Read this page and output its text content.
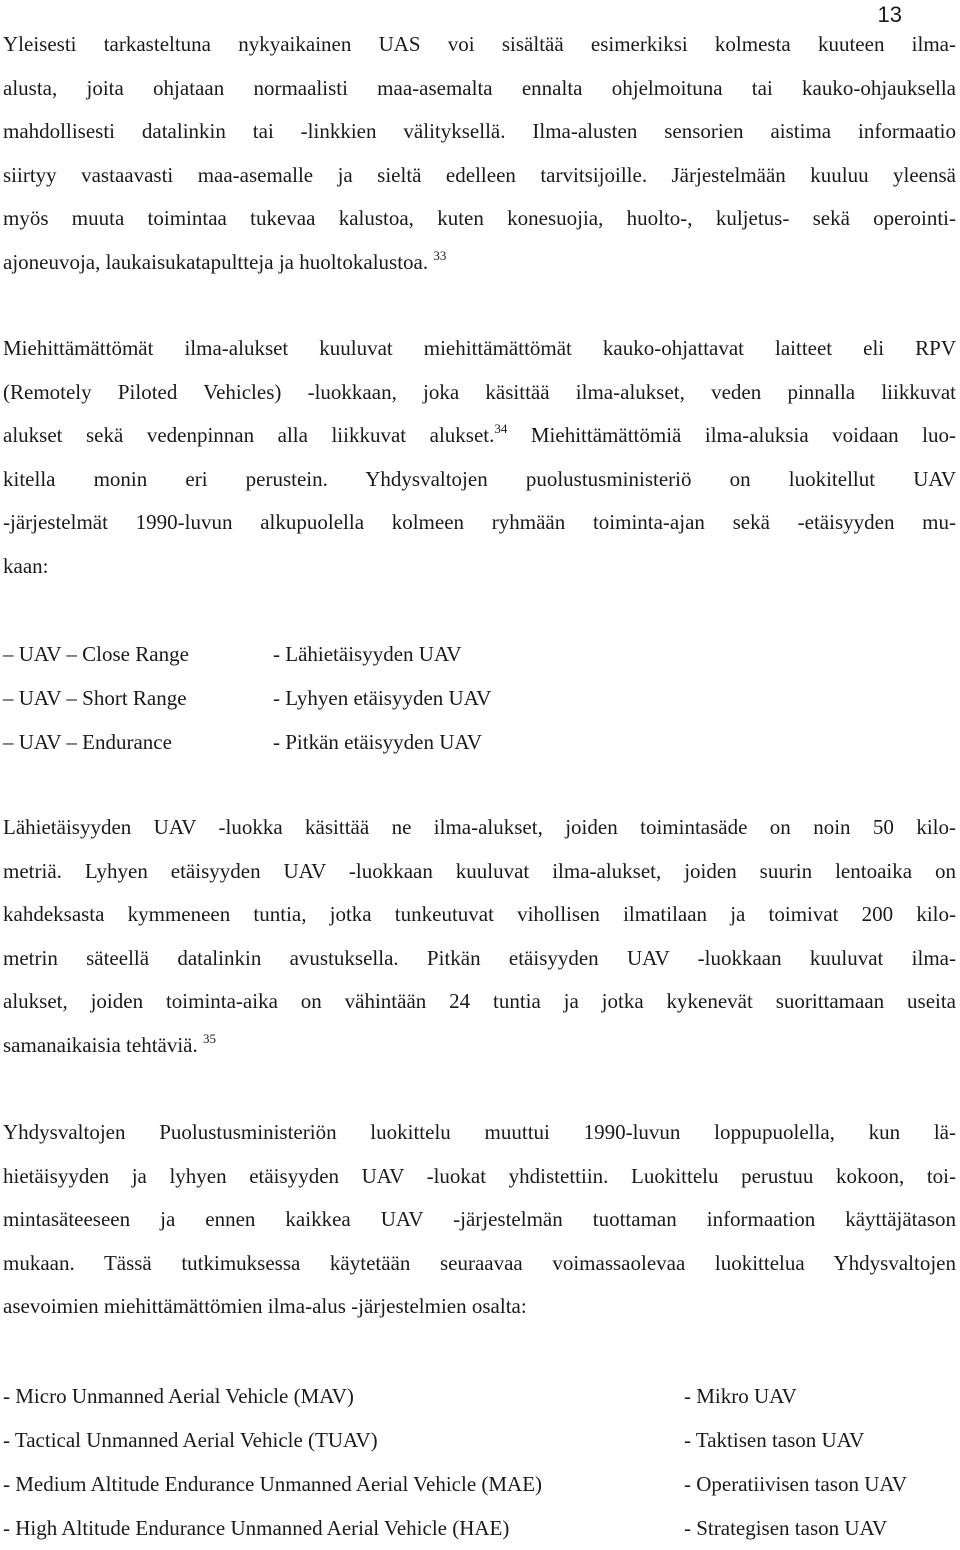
13

Yleisesti tarkasteltuna nykyaikainen UAS voi sisältää esimerkiksi kolmesta kuuteen ilma-
alusta, joita ohjataan normaalisti maa-asemalta ennalta ohjelmoituna tai kauko-ohjauksella
mahdollisesti datalinkin tai -linkkien välityksellä. Ilma-alusten sensorien aistima informaatio
siirtyy vastaavasti maa-asemalle ja sieltä edelleen tarvitsijoille. Järjestelmään kuuluu yleensä
myös muuta toimintaa tukevaa kalustoa, kuten konesuojia, huolto-, kuljetus- sekä operointi-
ajoneuvoja, laukaisukatapultteja ja huoltokalustoa. $^{33}$

Miehittämättömät ilma-alukset kuuluvat miehittämättömät kauko-ohjattavat laitteet eli RPV
(Remotely Piloted Vehicles) -luokkaan, joka käsittää ilma-alukset, veden pinnalla liikkuvat
alukset sekä vedenpinnan alla liikkuvat alukset.$^{34}$ Miehittämättömiä ilma-aluksia voidaan luo-
kitella monin eri perustein. Yhdysvaltojen puolustusministeriö on luokitellut UAV
-järjestelmät 1990-luvun alkupuolella kolmeen ryhmään toiminta-ajan sekä -etäisyyden mu-
kaan:

– UAV – Close Range	- Lähietäisyyden UAV
– UAV – Short Range	- Lyhyen etäisyyden UAV
– UAV – Endurance	- Pitkän etäisyyden UAV

Lähietäisyyden UAV -luokka käsittää ne ilma-alukset, joiden toimintasäde on noin 50 kilo-
metriä. Lyhyen etäisyyden UAV -luokkaan kuuluvat ilma-alukset, joiden suurin lentoaika on
kahdeksasta kymmeneen tuntia, jotka tunkeutuvat vihollisen ilmatilaan ja toimivat 200 kilo-
metrin säteellä datalinkin avustuksella. Pitkän etäisyyden UAV -luokkaan kuuluvat ilma-
alukset, joiden toiminta-aika on vähintään 24 tuntia ja jotka kykenevät suorittamaan useita
samanaikaisia tehtäviä. $^{35}$

Yhdysvaltojen Puolustusministeriön luokittelu muuttui 1990-luvun loppupuolella, kun lä-
hietäisyyden ja lyhyen etäisyyden UAV -luokat yhdistettiin. Luokittelu perustuu kokoon, toi-
mintasäteeseen ja ennen kaikkea UAV -järjestelmän tuottaman informaation käyttäjätason
mukaan. Tässä tutkimuksessa käytetään seuraavaa voimassaolevaa luokittelua Yhdysvaltojen
asevoimien miehittämättömien ilma-alus -järjestelmien osalta:

- Micro Unmanned Aerial Vehicle (MAV)	- Mikro UAV
- Tactical Unmanned Aerial Vehicle (TUAV)	- Taktisen tason UAV
- Medium Altitude Endurance Unmanned Aerial Vehicle (MAE)	- Operatiivisen tason UAV
- High Altitude Endurance Unmanned Aerial Vehicle (HAE)	- Strategisen tason UAV
